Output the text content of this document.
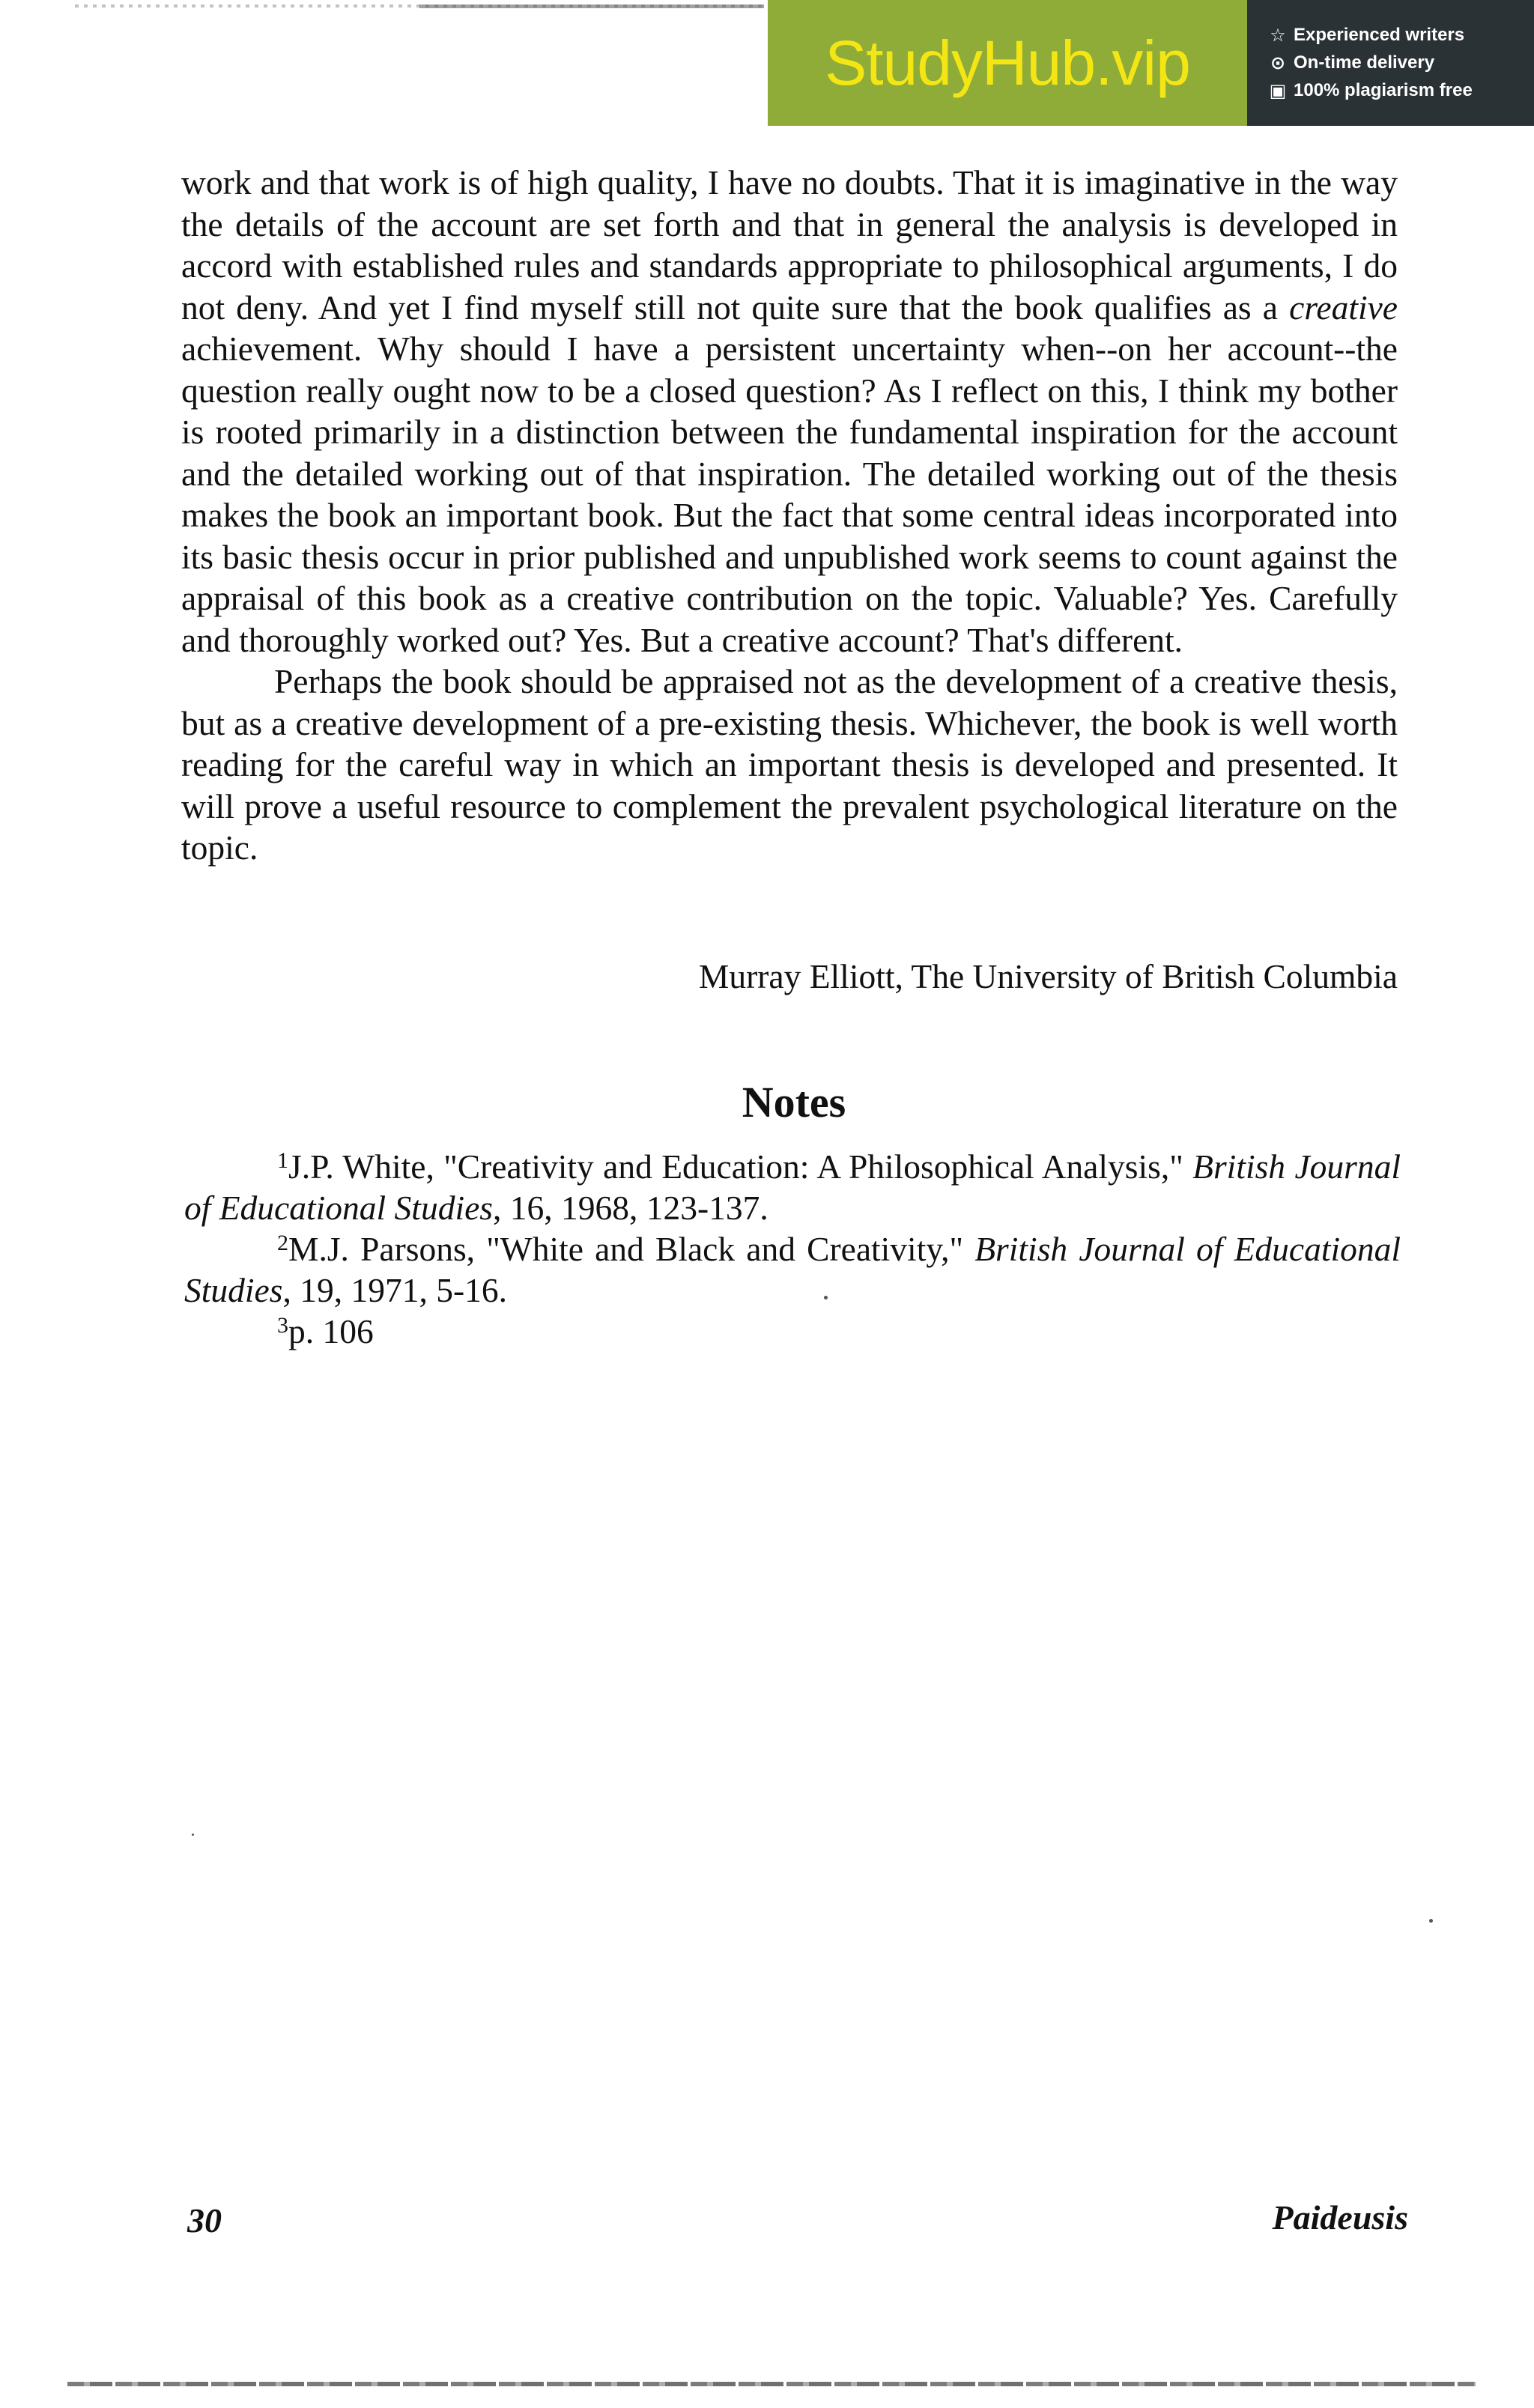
StudyHub.vip	☆ Experienced writers
⊙ On-time delivery
▣ 100% plagiarism free

work and that work is of high quality, I have no doubts. That it is imaginative in the way the details of the account are set forth and that in general the analysis is developed in accord with established rules and standards appropriate to philosophical arguments, I do not deny. And yet I find myself still not quite sure that the book qualifies as a creative achievement. Why should I have a persistent uncertainty when--on her account--the question really ought now to be a closed question? As I reflect on this, I think my bother is rooted primarily in a distinction between the fundamental inspiration for the account and the detailed working out of that inspiration. The detailed working out of the thesis makes the book an important book. But the fact that some central ideas incorporated into its basic thesis occur in prior published and unpublished work seems to count against the appraisal of this book as a creative contribution on the topic. Valuable? Yes. Carefully and thoroughly worked out? Yes. But a creative account? That's different.

Perhaps the book should be appraised not as the development of a creative thesis, but as a creative development of a pre-existing thesis. Whichever, the book is well worth reading for the careful way in which an important thesis is developed and presented. It will prove a useful resource to complement the prevalent psychological literature on the topic.

Murray Elliott, The University of British Columbia
Notes

$^1$J.P. White, "Creativity and Education: A Philosophical Analysis," British Journal of Educational Studies, 16, 1968, 123-137.

$^2$M.J. Parsons, "White and Black and Creativity," British Journal of Educational Studies, 19, 1971, 5-16.

$^3$p. 106

30	Paideusis
